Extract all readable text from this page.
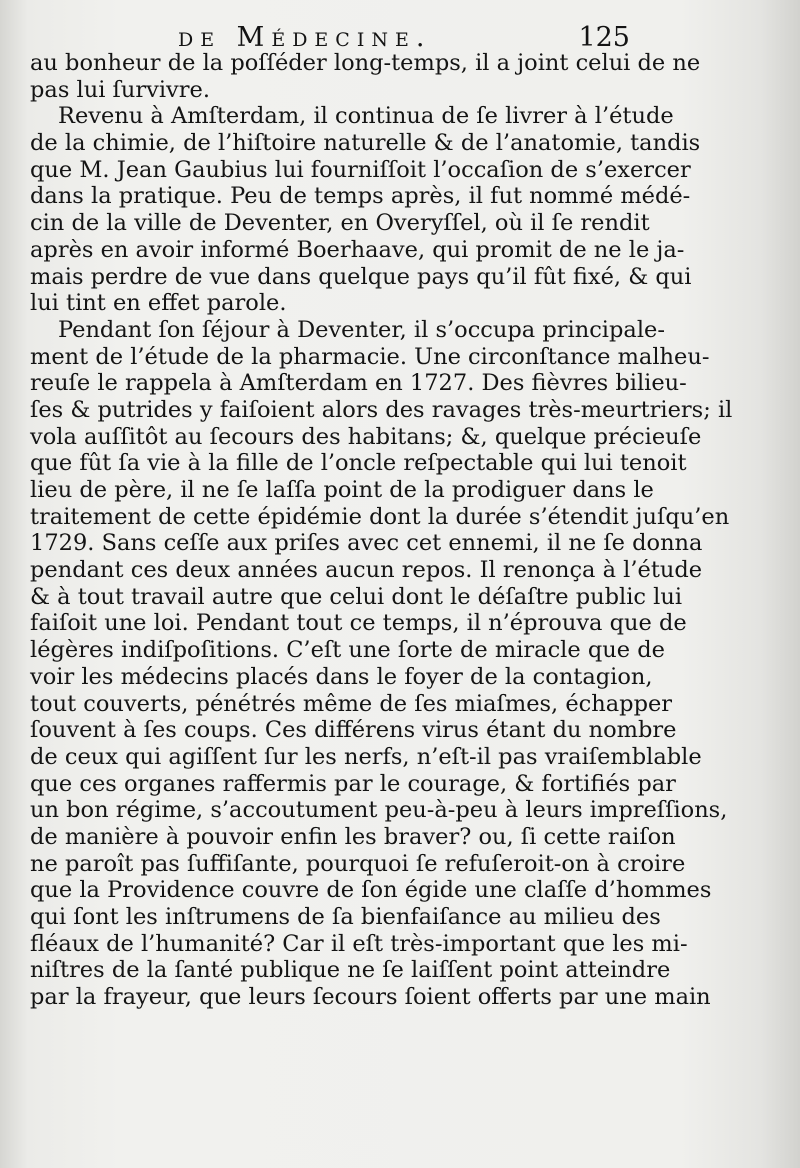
de Médecine.	125
au bonheur de la poſſéder long-temps, il a joint celui de ne
pas lui ſurvivre.
Revenu à Amſterdam, il continua de ſe livrer à l’étude
de la chimie, de l’hiſtoire naturelle & de l’anatomie, tandis
que M. Jean Gaubius lui fourniſſoit l’occaſion de s’exercer
dans la pratique. Peu de temps après, il fut nommé médé-
cin de la ville de Deventer, en Overyſſel, où il ſe rendit
après en avoir informé Boerhaave, qui promit de ne le ja-
mais perdre de vue dans quelque pays qu’il fût fixé, & qui
lui tint en effet parole.
Pendant ſon ſéjour à Deventer, il s’occupa principale-
ment de l’étude de la pharmacie. Une circonſtance malheu-
reuſe le rappela à Amſterdam en 1727. Des fièvres bilieu-
ſes & putrides y faiſoient alors des ravages très-meurtriers; il
vola auſſitôt au ſecours des habitans; &, quelque précieuſe
que fût ſa vie à la fille de l’oncle reſpectable qui lui tenoit
lieu de père, il ne ſe laſſa point de la prodiguer dans le
traitement de cette épidémie dont la durée s’étendit juſqu’en
1729. Sans ceſſe aux priſes avec cet ennemi, il ne ſe donna
pendant ces deux années aucun repos. Il renonça à l’étude
& à tout travail autre que celui dont le déſaſtre public lui
faiſoit une loi. Pendant tout ce temps, il n’éprouva que de
légères indiſpoſitions. C’eſt une ſorte de miracle que de
voir les médecins placés dans le foyer de la contagion,
tout couverts, pénétrés même de ſes miaſmes, échapper
ſouvent à ſes coups. Ces différens virus étant du nombre
de ceux qui agiſſent ſur les nerfs, n’eſt-il pas vraiſemblable
que ces organes raffermis par le courage, & fortifiés par
un bon régime, s’accoutument peu-à-peu à leurs impreſſions,
de manière à pouvoir enfin les braver? ou, ſi cette raiſon
ne paroît pas ſuffiſante, pourquoi ſe refuſeroit-on à croire
que la Providence couvre de ſon égide une claſſe d’hommes
qui ſont les inſtrumens de ſa bienfaiſance au milieu des
fléaux de l’humanité? Car il eſt très-important que les mi-
niſtres de la ſanté publique ne ſe laiſſent point atteindre
par la frayeur, que leurs ſecours ſoient offerts par une main
